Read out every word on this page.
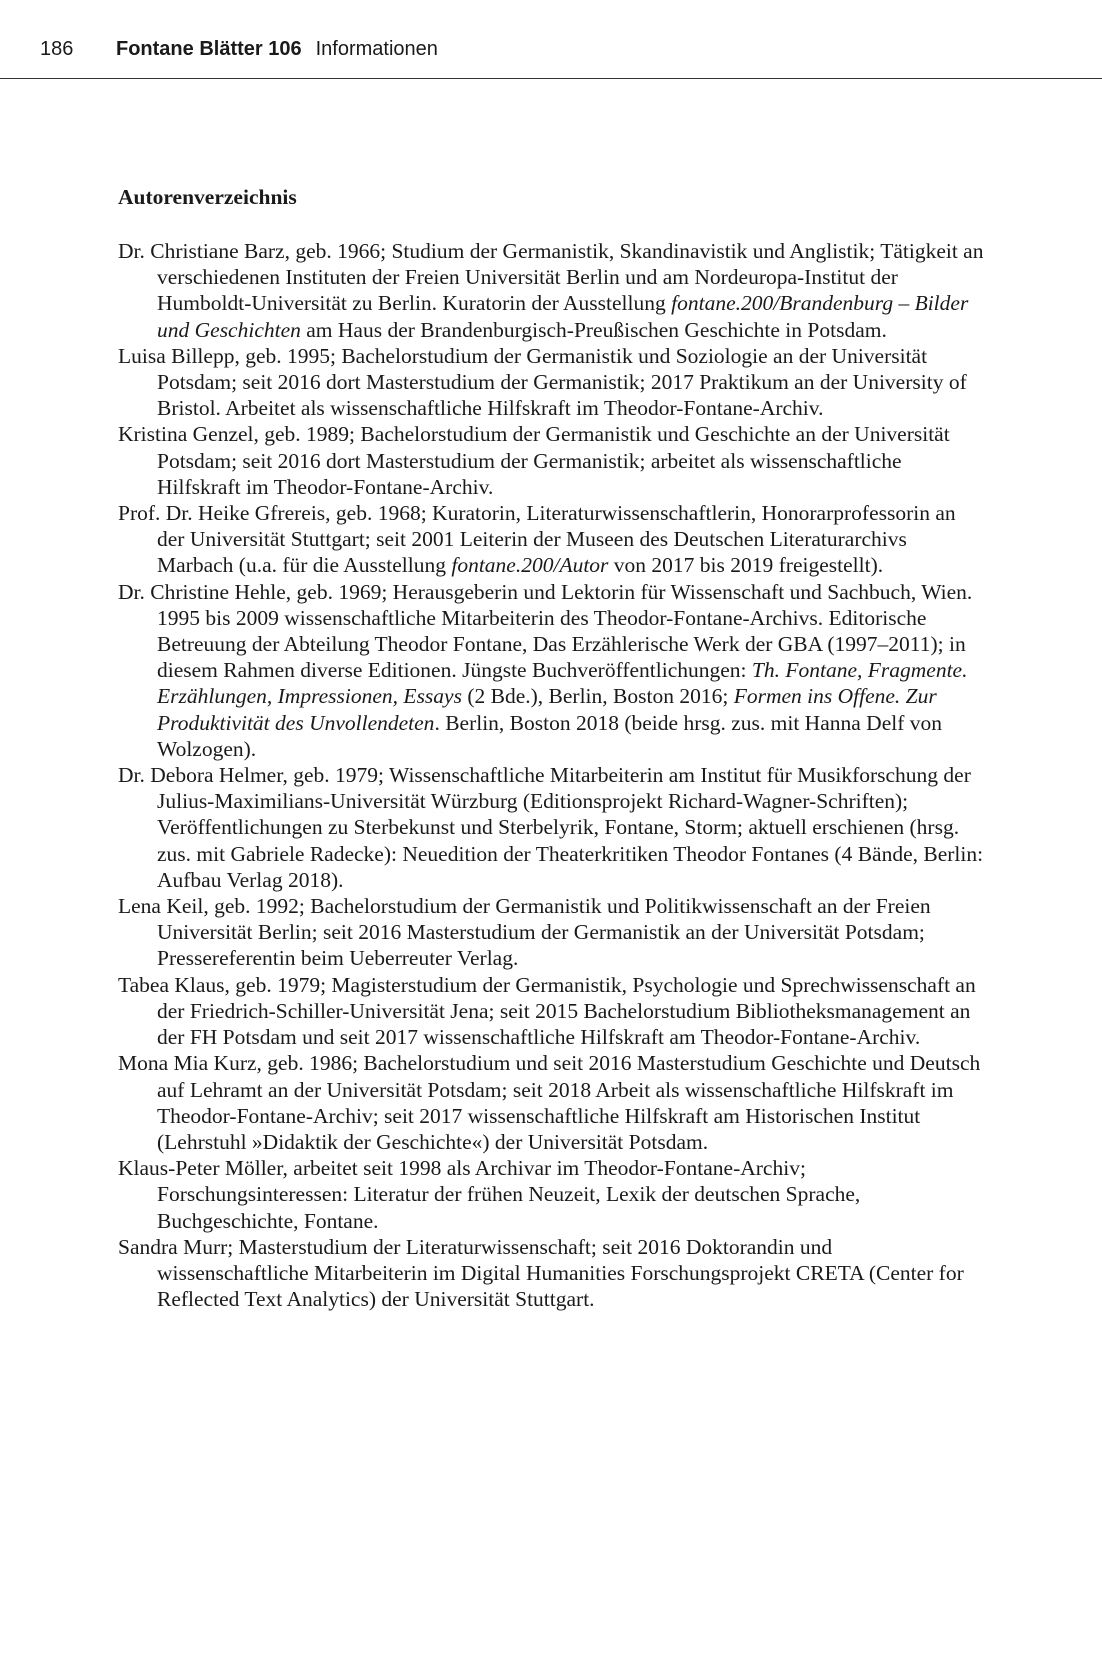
186 Fontane Blätter 106 Informationen
Autorenverzeichnis

Dr. Christiane Barz, geb. 1966; Studium der Germanistik, Skandinavistik und Anglistik; Tätigkeit an verschiedenen Instituten der Freien Universität Berlin und am Nordeuropa-Institut der Humboldt-Universität zu Berlin. Kuratorin der Ausstellung fontane.200/Brandenburg – Bilder und Geschichten am Haus der Brandenburgisch-Preußischen Geschichte in Potsdam.

Luisa Billepp, geb. 1995; Bachelorstudium der Germanistik und Soziologie an der Universität Potsdam; seit 2016 dort Masterstudium der Germanistik; 2017 Praktikum an der University of Bristol. Arbeitet als wissenschaftliche Hilfskraft im Theodor-Fontane-Archiv.

Kristina Genzel, geb. 1989; Bachelorstudium der Germanistik und Geschichte an der Universität Potsdam; seit 2016 dort Masterstudium der Germanistik; arbeitet als wissenschaftliche Hilfskraft im Theodor-Fontane-Archiv.

Prof. Dr. Heike Gfrereis, geb. 1968; Kuratorin, Literaturwissenschaftlerin, Honorarprofessorin an der Universität Stuttgart; seit 2001 Leiterin der Museen des Deutschen Literaturarchivs Marbach (u.a. für die Ausstellung fontane.200/Autor von 2017 bis 2019 freigestellt).

Dr. Christine Hehle, geb. 1969; Herausgeberin und Lektorin für Wissenschaft und Sachbuch, Wien. 1995 bis 2009 wissenschaftliche Mitarbeiterin des Theodor-Fontane-Archivs. Editorische Betreuung der Abteilung Theodor Fontane, Das Erzählerische Werk der GBA (1997–2011); in diesem Rahmen diverse Editionen. Jüngste Buchveröffentlichungen: Th. Fontane, Fragmente. Erzählungen, Impressionen, Essays (2 Bde.), Berlin, Boston 2016; Formen ins Offene. Zur Produktivität des Unvollendeten. Berlin, Boston 2018 (beide hrsg. zus. mit Hanna Delf von Wolzogen).

Dr. Debora Helmer, geb. 1979; Wissenschaftliche Mitarbeiterin am Institut für Musikforschung der Julius-Maximilians-Universität Würzburg (Editionsprojekt Richard-Wagner-Schriften); Veröffentlichungen zu Sterbekunst und Sterbelyrik, Fontane, Storm; aktuell erschienen (hrsg. zus. mit Gabriele Radecke): Neuedition der Theaterkritiken Theodor Fontanes (4 Bände, Berlin: Aufbau Verlag 2018).

Lena Keil, geb. 1992; Bachelorstudium der Germanistik und Politikwissenschaft an der Freien Universität Berlin; seit 2016 Masterstudium der Germanistik an der Universität Potsdam; Pressereferentin beim Ueberreuter Verlag.

Tabea Klaus, geb. 1979; Magisterstudium der Germanistik, Psychologie und Sprechwissenschaft an der Friedrich-Schiller-Universität Jena; seit 2015 Bachelorstudium Bibliotheksmanagement an der FH Potsdam und seit 2017 wissenschaftliche Hilfskraft am Theodor-Fontane-Archiv.

Mona Mia Kurz, geb. 1986; Bachelorstudium und seit 2016 Masterstudium Geschichte und Deutsch auf Lehramt an der Universität Potsdam; seit 2018 Arbeit als wissenschaftliche Hilfskraft im Theodor-Fontane-Archiv; seit 2017 wissenschaftliche Hilfskraft am Historischen Institut (Lehrstuhl »Didaktik der Geschichte«) der Universität Potsdam.

Klaus-Peter Möller, arbeitet seit 1998 als Archivar im Theodor-Fontane-Archiv; Forschungsinteressen: Literatur der frühen Neuzeit, Lexik der deutschen Sprache, Buchgeschichte, Fontane.

Sandra Murr; Masterstudium der Literaturwissenschaft; seit 2016 Doktorandin und wissenschaftliche Mitarbeiterin im Digital Humanities Forschungsprojekt CRETA (Center for Reflected Text Analytics) der Universität Stuttgart.
